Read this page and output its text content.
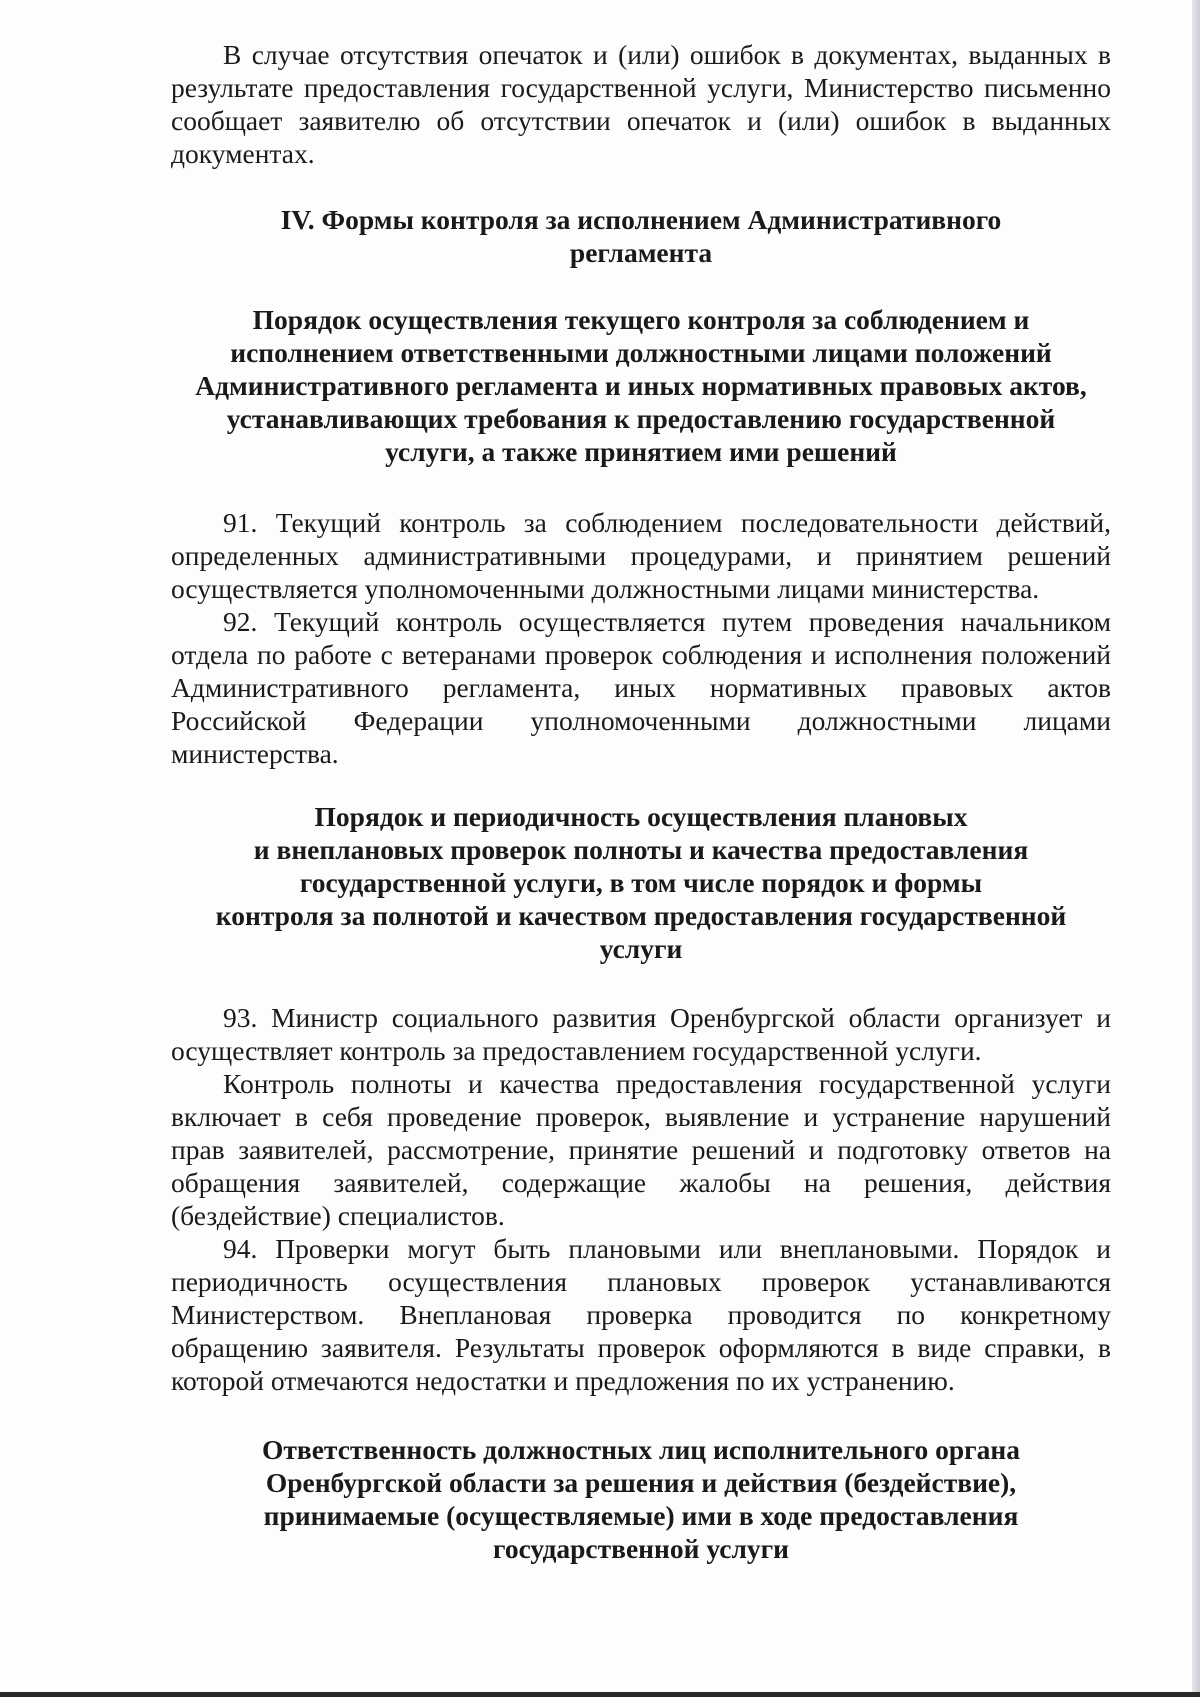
В случае отсутствия опечаток и (или) ошибок в документах, выданных в результате предоставления государственной услуги, Министерство письменно сообщает заявителю об отсутствии опечаток и (или) ошибок в выданных документах.

IV. Формы контроля за исполнением Административного
регламента
Порядок осуществления текущего контроля за соблюдением и
исполнением ответственными должностными лицами положений
Административного регламента и иных нормативных правовых актов,
устанавливающих требования к предоставлению государственной
услуги, а также принятием ими решений

91. Текущий контроль за соблюдением последовательности действий, определенных административными процедурами, и принятием решений осуществляется уполномоченными должностными лицами министерства.

92. Текущий контроль осуществляется путем проведения начальником отдела по работе с ветеранами проверок соблюдения и исполнения положений Административного регламента, иных нормативных правовых актов Российской Федерации уполномоченными должностными лицами министерства.

Порядок и периодичность осуществления плановых
и внеплановых проверок полноты и качества предоставления
государственной услуги, в том числе порядок и формы
контроля за полнотой и качеством предоставления государственной
услуги

93. Министр социального развития Оренбургской области организует и осуществляет контроль за предоставлением государственной услуги.

Контроль полноты и качества предоставления государственной услуги включает в себя проведение проверок, выявление и устранение нарушений прав заявителей, рассмотрение, принятие решений и подготовку ответов на обращения заявителей, содержащие жалобы на решения, действия (бездействие) специалистов.

94. Проверки могут быть плановыми или внеплановыми. Порядок и периодичность осуществления плановых проверок устанавливаются Министерством. Внеплановая проверка проводится по конкретному обращению заявителя. Результаты проверок оформляются в виде справки, в которой отмечаются недостатки и предложения по их устранению.

Ответственность должностных лиц исполнительного органа
Оренбургской области за решения и действия (бездействие),
принимаемые (осуществляемые) ими в ходе предоставления
государственной услуги
